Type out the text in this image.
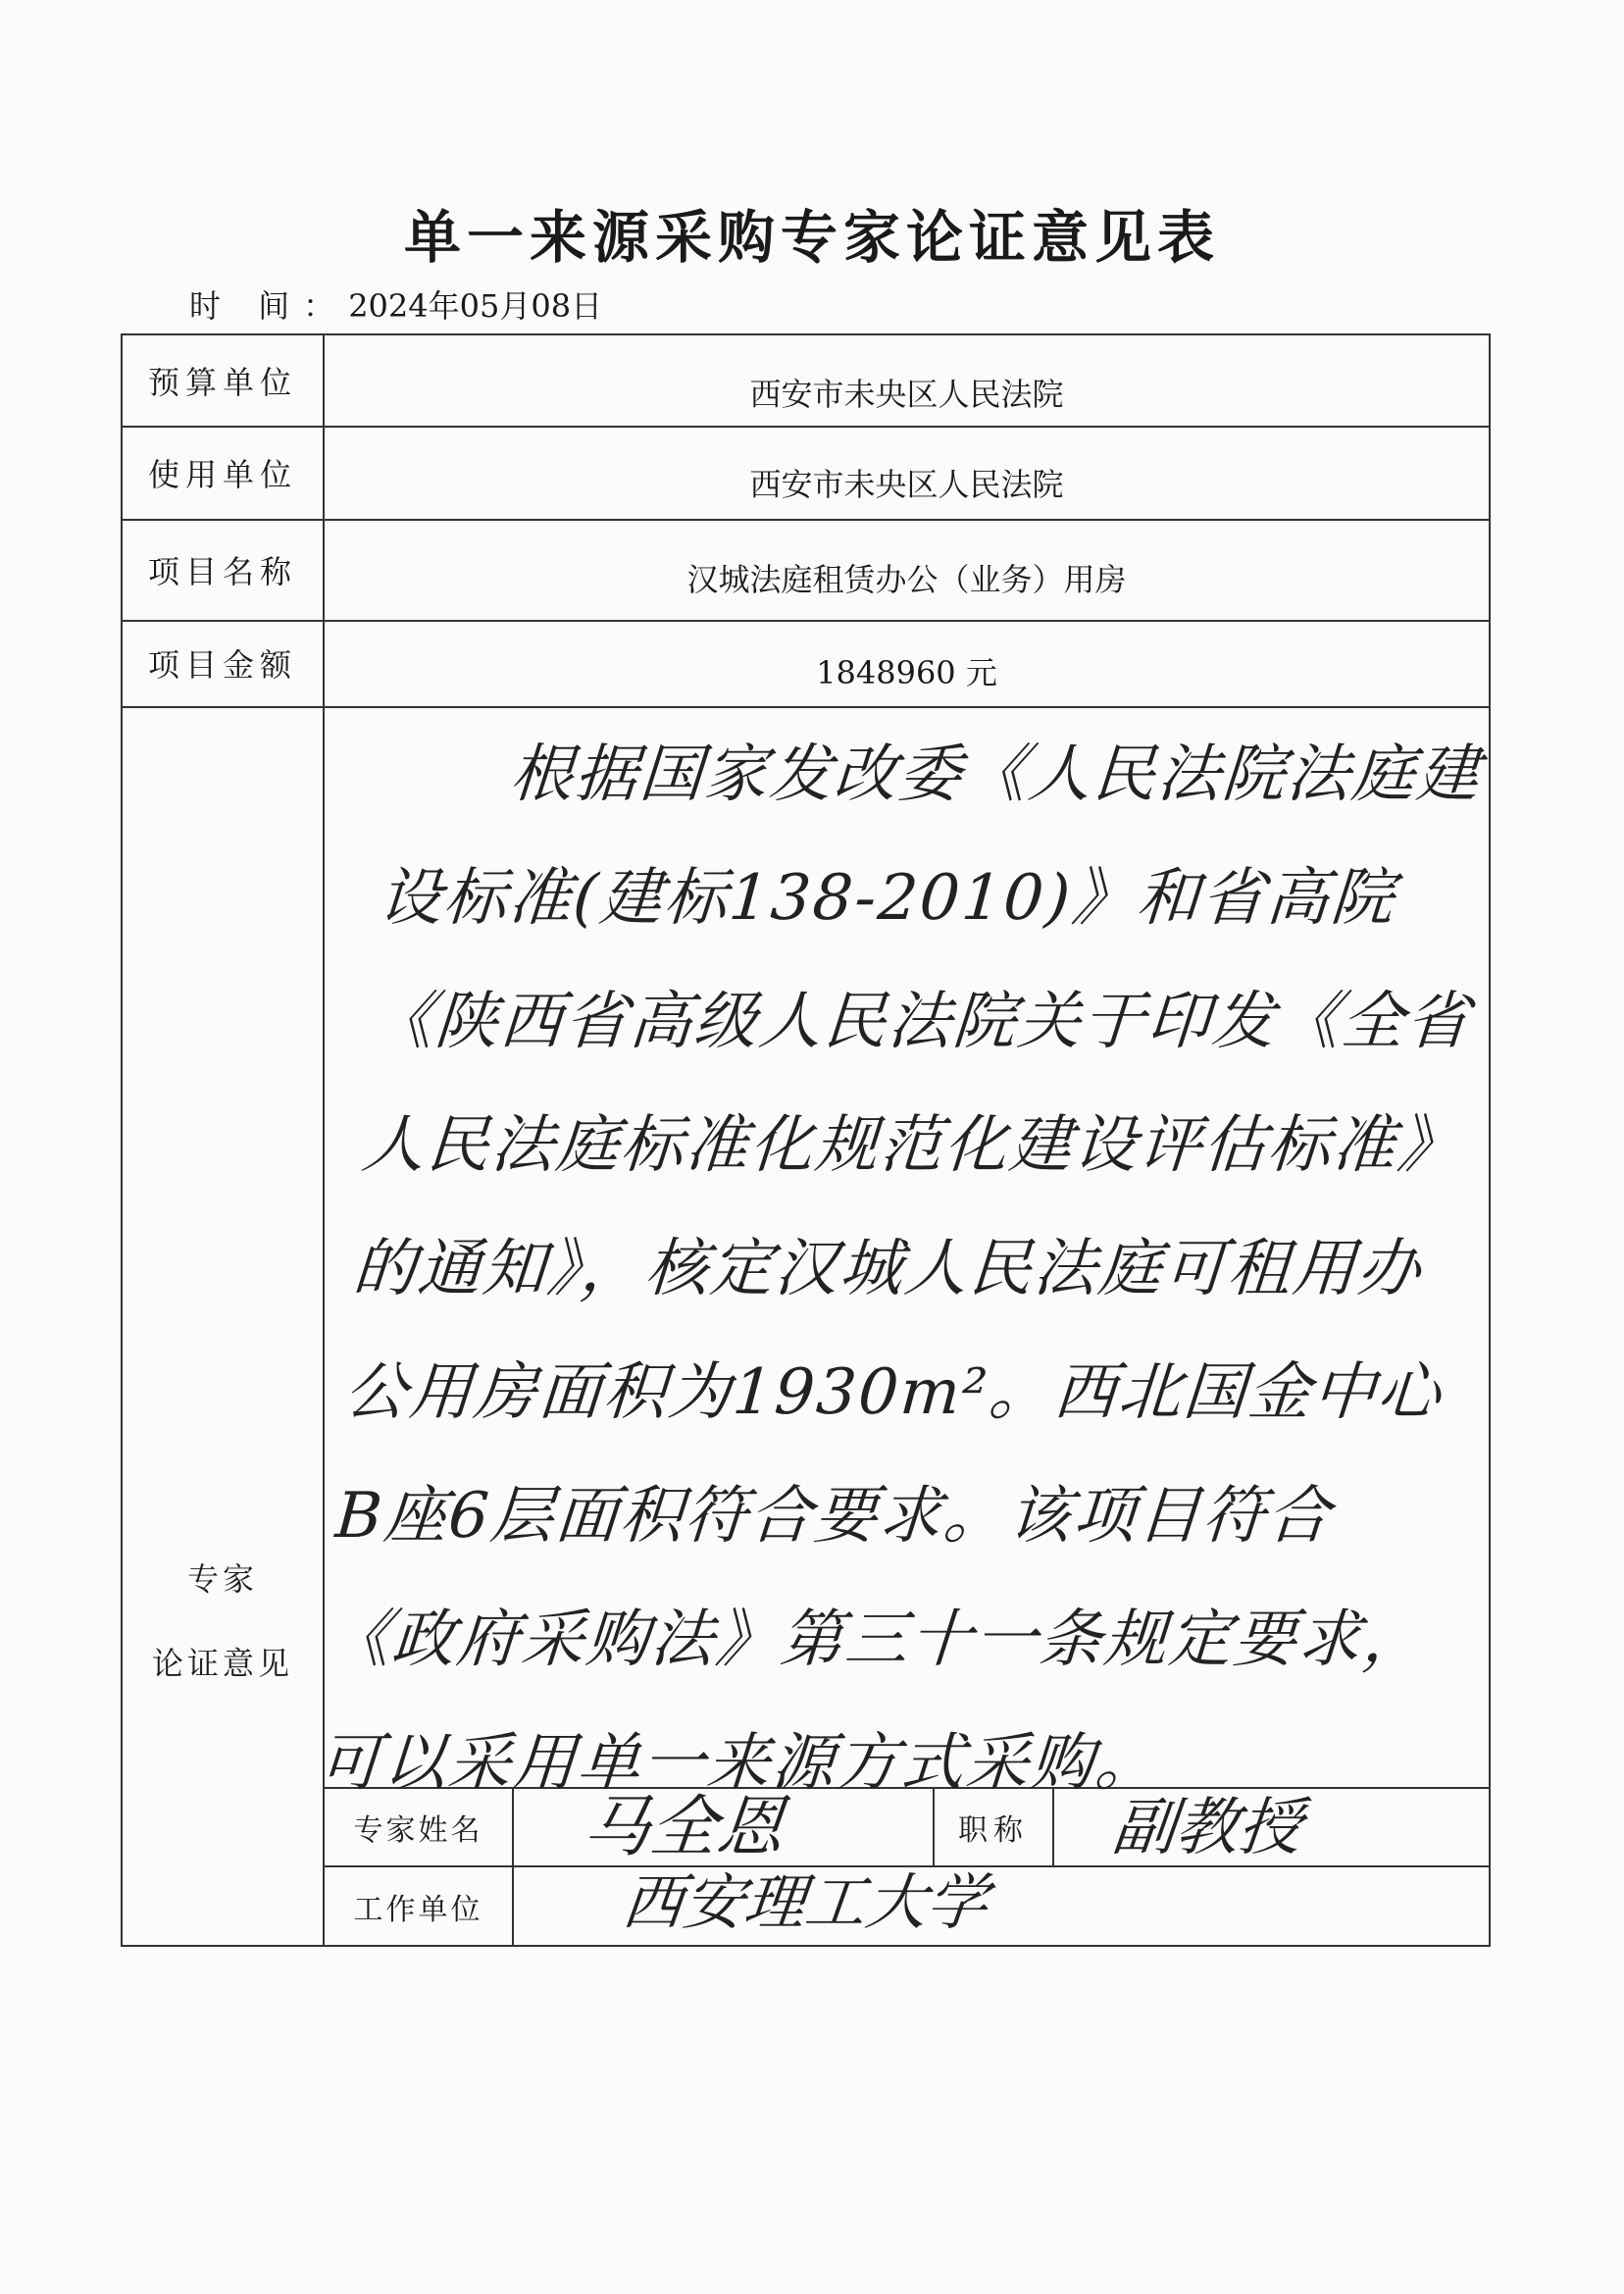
单一来源采购专家论证意见表
时 间：2024年05月08日
预算单位	西安市未央区人民法院
使用单位	西安市未央区人民法院
项目名称	汉城法庭租赁办公（业务）用房
项目金额	1848960 元
专家
论证意见
根据国家发改委《人民法院法庭建设标准(建标138-2010)》和省高院《陕西省高级人民法院关于印发《全省人民法庭标准化规范化建设评估标准》的通知》，核定汉城人民法庭可租用办公用房面积为1930m²。西北国金中心B座6层面积符合要求。该项目符合《政府采购法》第三十一条规定要求，可以采用单一来源方式采购。
专家姓名	马全恩	职称	副教授
工作单位	西安理工大学
